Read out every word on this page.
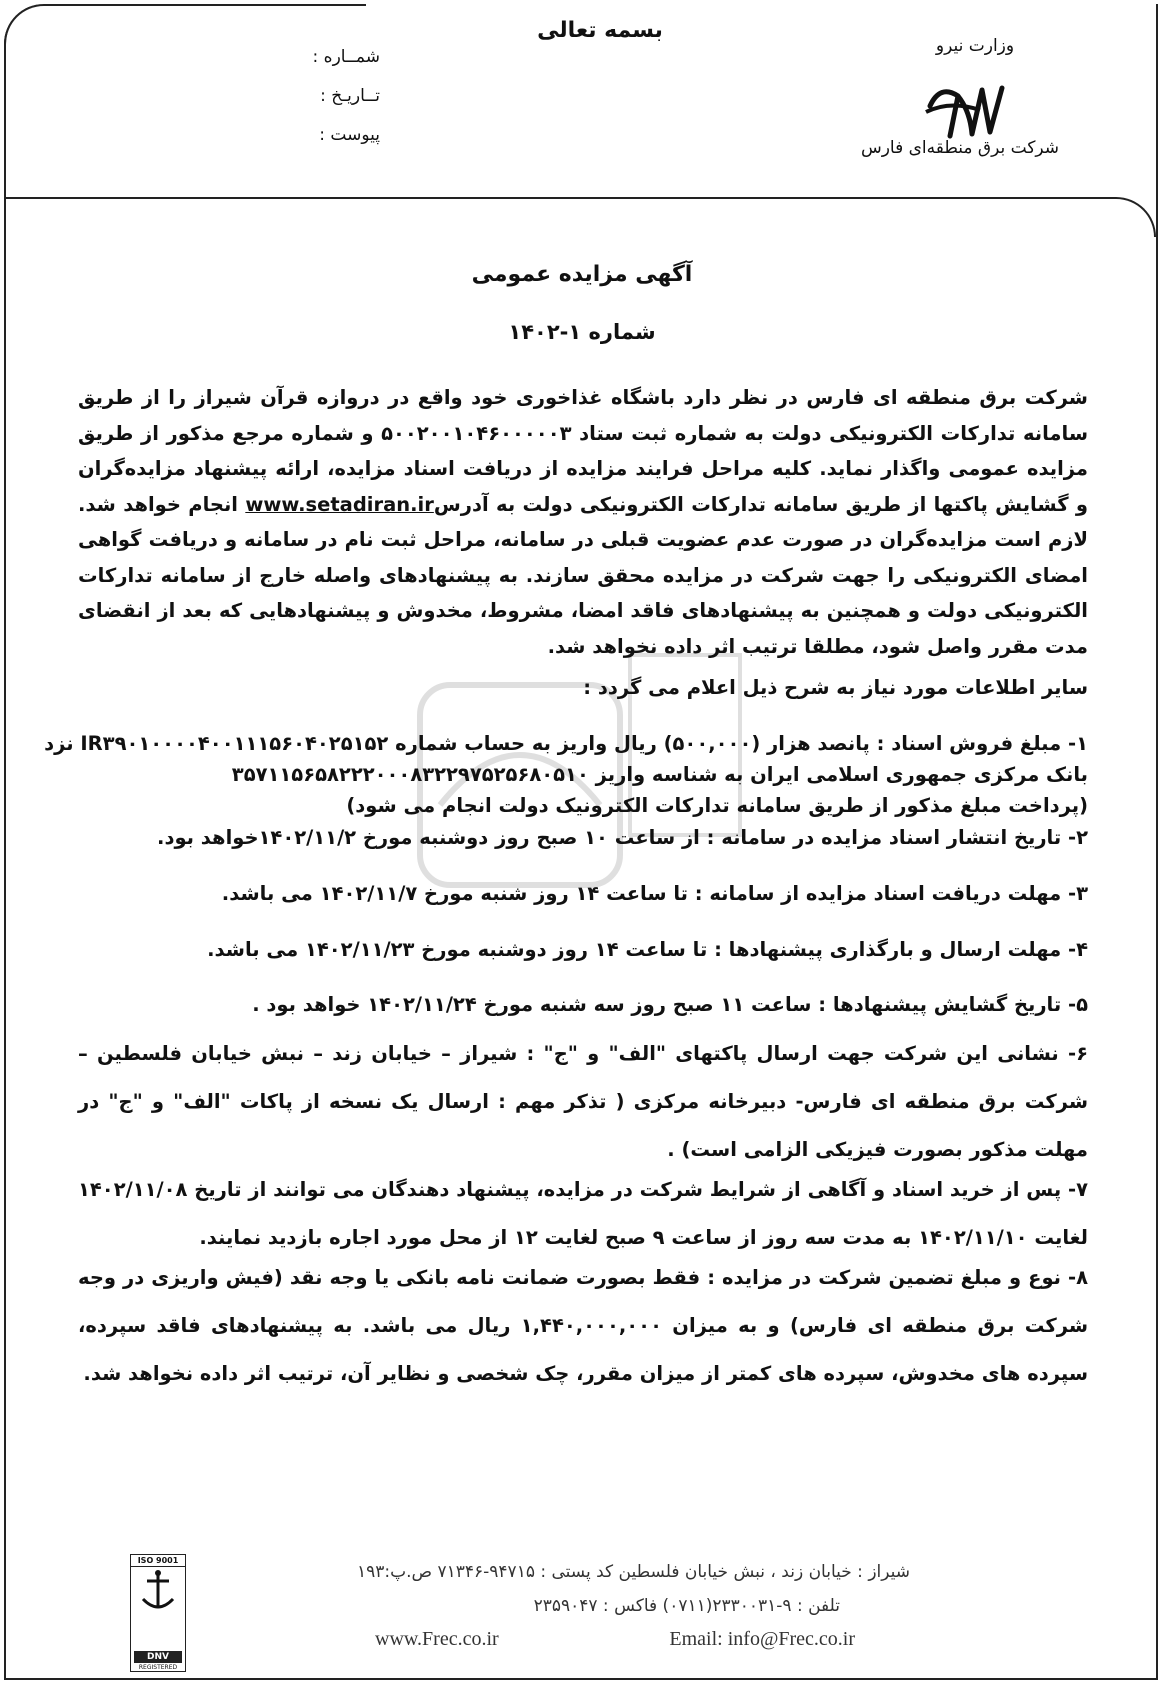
بسمه تعالی
شمــاره :
تــاریـخ :
پیوست :
وزارت نیرو
شرکت برق منطقه‌ای فارس
آگهی مزایده عمومی
شماره ۱-۱۴۰۲
شرکت برق منطقه ای فارس در نظر دارد باشگاه غذاخوری خود واقع در دروازه قرآن شیراز را از طریق سامانه تدارکات الکترونیکی دولت به شماره ثبت ستاد ۵۰۰۲۰۰۱۰۴۶۰۰۰۰۰۳ و شماره مرجع مذکور از طریق مزایده عمومی واگذار نماید. کلیه مراحل فرایند مزایده از دریافت اسناد مزایده، ارائه پیشنهاد مزایده‌گران و گشایش پاکتها از طریق سامانه تدارکات الکترونیکی دولت به آدرسwww.setadiran.ir انجام خواهد شد. لازم است مزایده‌گران در صورت عدم عضویت قبلی در سامانه، مراحل ثبت نام در سامانه و دریافت گواهی امضای الکترونیکی را جهت شرکت در مزایده محقق سازند. به پیشنهادهای واصله خارج از سامانه تدارکات الکترونیکی دولت و همچنین به پیشنهادهای فاقد امضا، مشروط، مخدوش و پیشنهادهایی که بعد از انقضای مدت مقرر واصل شود، مطلقا ترتیب اثر داده نخواهد شد.
سایر اطلاعات مورد نیاز به شرح ذیل اعلام می گردد :
۱- مبلغ فروش اسناد : پانصد هزار (۵۰۰,۰۰۰) ریال واریز به حساب شماره IR۳۹۰۱۰۰۰۰۴۰۰۱۱۱۵۶۰۴۰۲۵۱۵۲ نزد
بانک مرکزی جمهوری اسلامی ایران به شناسه واریز ۳۵۷۱۱۵۶۵۸۲۲۲۰۰۰۸۳۲۲۹۷۵۲۵۶۸۰۵۱۰
(پرداخت مبلغ مذکور از طریق سامانه تدارکات الکترونیک دولت انجام می شود)
۲- تاریخ انتشار اسناد مزایده در سامانه : از ساعت ۱۰ صبح روز دوشنبه مورخ ۱۴۰۲/۱۱/۲خواهد بود.
۳- مهلت دریافت اسناد مزایده از سامانه : تا ساعت ۱۴ روز شنبه مورخ ۱۴۰۲/۱۱/۷ می باشد.
۴- مهلت ارسال و بارگذاری پیشنهادها : تا ساعت ۱۴ روز دوشنبه مورخ ۱۴۰۲/۱۱/۲۳ می باشد.
۵- تاریخ گشایش پیشنهادها : ساعت ۱۱ صبح روز سه شنبه مورخ ۱۴۰۲/۱۱/۲۴ خواهد بود .
۶- نشانی این شرکت جهت ارسال پاکتهای "الف" و "ج" : شیراز – خیابان زند – نبش خیابان فلسطین – شرکت برق منطقه ای فارس- دبیرخانه مرکزی ( تذکر مهم : ارسال یک نسخه از پاکات "الف" و "ج" در مهلت مذکور بصورت فیزیکی الزامی است) .
۷- پس از خرید اسناد و آگاهی از شرایط شرکت در مزایده، پیشنهاد دهندگان می توانند از تاریخ ۱۴۰۲/۱۱/۰۸ لغایت ۱۴۰۲/۱۱/۱۰ به مدت سه روز از ساعت ۹ صبح لغایت ۱۲ از محل مورد اجاره بازدید نمایند.
۸- نوع و مبلغ تضمین شرکت در مزایده : فقط بصورت ضمانت نامه بانکی یا وجه نقد (فیش واریزی در وجه شرکت برق منطقه ای فارس) و به میزان ۱,۴۴۰,۰۰۰,۰۰۰ ریال می باشد. به پیشنهادهای فاقد سپرده، سپرده های مخدوش، سپرده های کمتر از میزان مقرر، چک شخصی و نظایر آن، ترتیب اثر داده نخواهد شد.
ISO 9001
DNV
REGISTERED
شیراز : خیابان زند ، نبش خیابان فلسطین کد پستی : ۹۴۷۱۵-۷۱۳۴۶ ص.پ:۱۹۳
تلفن : ۹-۲۳۳۰۰۳۱(۰۷۱۱) فاکس : ۲۳۵۹۰۴۷
www.Frec.co.ir	Email: info@Frec.co.ir
